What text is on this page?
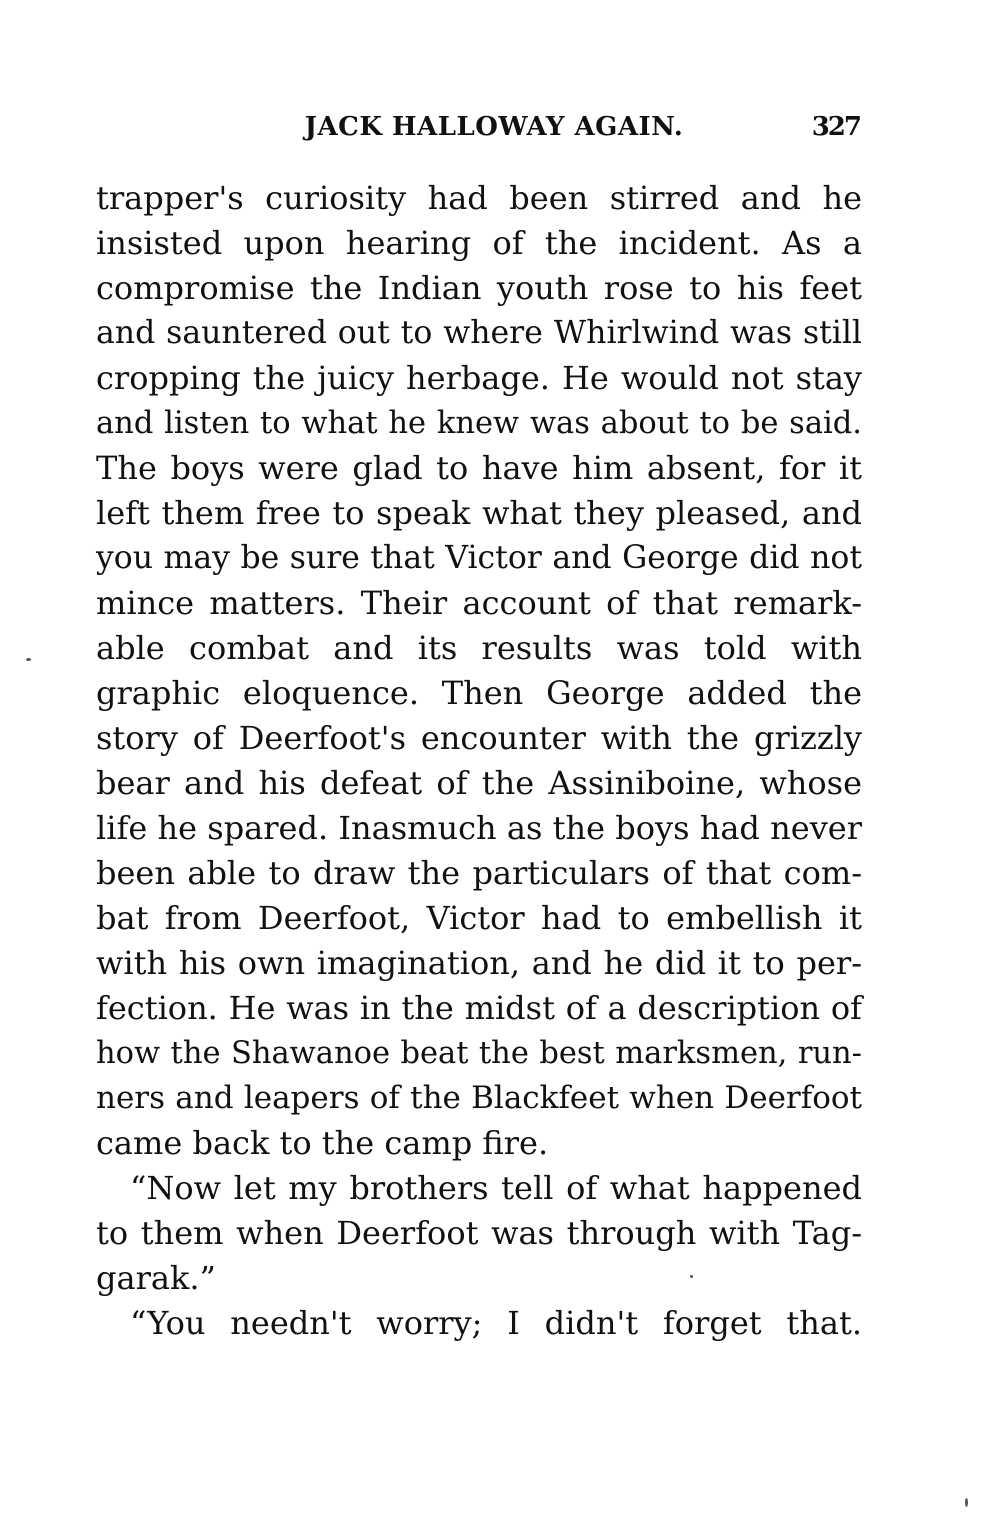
JACK HALLOWAY AGAIN.	327
trapper's curiosity had been stirred and he
insisted upon hearing of the incident. As a
compromise the Indian youth rose to his feet
and sauntered out to where Whirlwind was still
cropping the juicy herbage. He would not stay
and listen to what he knew was about to be said.
The boys were glad to have him absent, for it
left them free to speak what they pleased, and
you may be sure that Victor and George did not
mince matters. Their account of that remark-
able combat and its results was told with
graphic eloquence. Then George added the
story of Deerfoot's encounter with the grizzly
bear and his defeat of the Assiniboine, whose
life he spared. Inasmuch as the boys had never
been able to draw the particulars of that com-
bat from Deerfoot, Victor had to embellish it
with his own imagination, and he did it to per-
fection. He was in the midst of a description of
how the Shawanoe beat the best marksmen, run-
ners and leapers of the Blackfeet when Deerfoot
came back to the camp fire.
“Now let my brothers tell of what happened
to them when Deerfoot was through with Tag-
garak.”
“You needn't worry; I didn't forget that.
